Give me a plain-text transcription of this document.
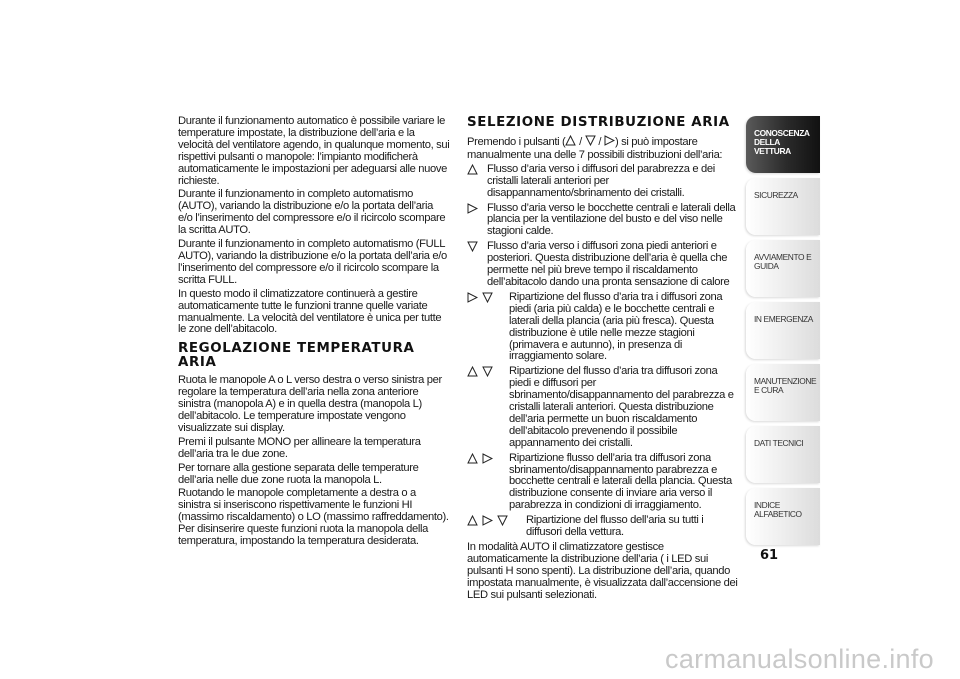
Durante il funzionamento automatico è possibile variare le temperature impostate, la distribuzione dell’aria e la velocità del ventilatore agendo, in qualunque momento, sui rispettivi pulsanti o manopole: l’impianto modificherà automaticamente le impostazioni per adeguarsi alle nuove richieste.

Durante il funzionamento in completo automatismo (AUTO), variando la distribuzione e/o la portata dell’aria e/o l’inserimento del compressore e/o il ricircolo scompare la scritta AUTO.

Durante il funzionamento in completo automatismo (FULL AUTO), variando la distribuzione e/o la portata dell’aria e/o l’inserimento del compressore e/o il ricircolo scompare la scritta FULL.

In questo modo il climatizzatore continuerà a gestire automaticamente tutte le funzioni tranne quelle variate manualmente. La velocità del ventilatore è unica per tutte le zone dell’abitacolo.

REGOLAZIONE TEMPERATURA ARIA

Ruota le manopole A o L verso destra o verso sinistra per regolare la temperatura dell’aria nella zona anteriore sinistra (manopola A) e in quella destra (manopola L) dell’abitacolo. Le temperature impostate vengono visualizzate sui display.

Premi il pulsante MONO per allineare la temperatura dell’aria tra le due zone.

Per tornare alla gestione separata delle temperature dell’aria nelle due zone ruota la manopola L.

Ruotando le manopole completamente a destra o a sinistra si inseriscono rispettivamente le funzioni HI (massimo riscaldamento) o LO (massimo raffreddamento). Per disinserire queste funzioni ruota la manopola della temperatura, impostando la temperatura desiderata.

SELEZIONE DISTRIBUZIONE ARIA

Premendo i pulsanti ( /  / ) si può impostare manualmente una delle 7 possibili distribuzioni dell’aria:

Flusso d’aria verso i diffusori del parabrezza e dei cristalli laterali anteriori per disappannamento/sbrinamento dei cristalli.
Flusso d’aria verso le bocchette centrali e laterali della plancia per la ventilazione del busto e del viso nelle stagioni calde.
Flusso d’aria verso i diffusori zona piedi anteriori e posteriori. Questa distribuzione dell’aria è quella che permette nel più breve tempo il riscaldamento dell’abitacolo dando una pronta sensazione di calore
Ripartizione del flusso d’aria tra i diffusori zona piedi (aria più calda) e le bocchette centrali e laterali della plancia (aria più fresca). Questa distribuzione è utile nelle mezze stagioni (primavera e autunno), in presenza di irraggiamento solare.
Ripartizione del flusso d’aria tra diffusori zona piedi e diffusori per sbrinamento/disappannamento del parabrezza e cristalli laterali anteriori. Questa distribuzione dell’aria permette un buon riscaldamento dell’abitacolo prevenendo il possibile appannamento dei cristalli.
Ripartizione flusso dell’aria tra diffusori zona sbrinamento/disappannamento parabrezza e bocchette centrali e laterali della plancia. Questa distribuzione consente di inviare aria verso il parabrezza in condizioni di irraggiamento.
Ripartizione del flusso dell’aria su tutti i diffusori della vettura.

In modalità AUTO il climatizzatore gestisce automaticamente la distribuzione dell’aria ( i LED sui pulsanti H sono spenti). La distribuzione dell’aria, quando impostata manualmente, è visualizzata dall’accensione dei LED sui pulsanti selezionati.

CONOSCENZA DELLA VETTURA
SICUREZZA
AVVIAMENTO E GUIDA
IN EMERGENZA
MANUTENZIONE E CURA
DATI TECNICI
INDICE ALFABETICO
61
carmanualsonline.info
